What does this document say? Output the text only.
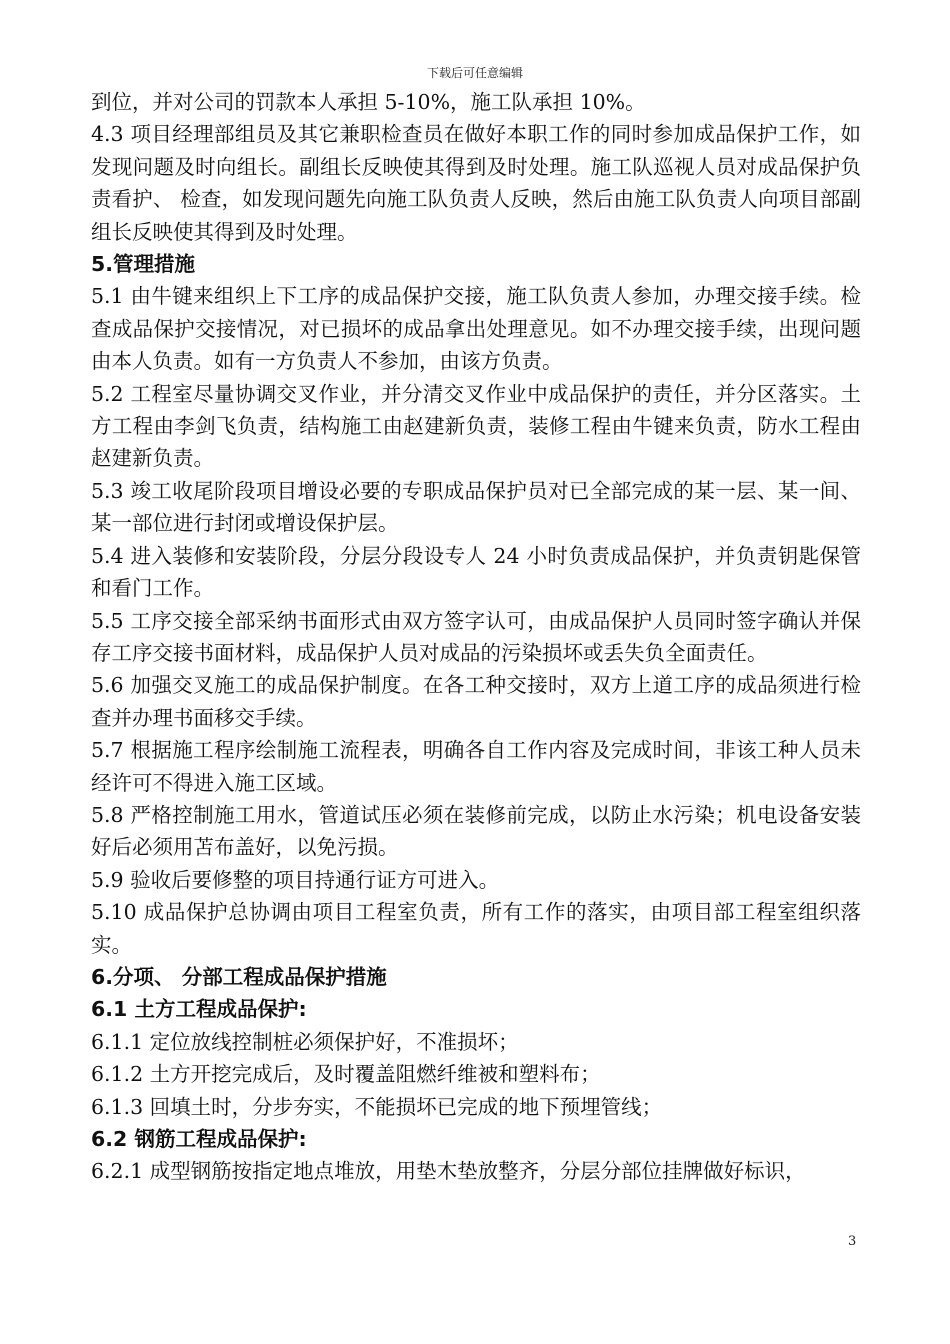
下载后可任意编辑

到位，并对公司的罚款本人承担 5-10%，施工队承担 10%。

4.3 项目经理部组员及其它兼职检查员在做好本职工作的同时参加成品保护工作，如发现问题及时向组长。副组长反映使其得到及时处理。施工队巡视人员对成品保护负责看护、 检查，如发现问题先向施工队负责人反映，然后由施工队负责人向项目部副组长反映使其得到及时处理。

5.管理措施

5.1 由牛键来组织上下工序的成品保护交接，施工队负责人参加，办理交接手续。检查成品保护交接情况，对已损坏的成品拿出处理意见。如不办理交接手续，出现问题由本人负责。如有一方负责人不参加，由该方负责。

5.2 工程室尽量协调交叉作业，并分清交叉作业中成品保护的责任，并分区落实。土方工程由李剑飞负责，结构施工由赵建新负责，装修工程由牛键来负责，防水工程由赵建新负责。

5.3 竣工收尾阶段项目增设必要的专职成品保护员对已全部完成的某一层、某一间、 某一部位进行封闭或增设保护层。

5.4 进入装修和安装阶段，分层分段设专人 24 小时负责成品保护，并负责钥匙保管和看门工作。

5.5 工序交接全部采纳书面形式由双方签字认可，由成品保护人员同时签字确认并保存工序交接书面材料，成品保护人员对成品的污染损坏或丢失负全面责任。

5.6 加强交叉施工的成品保护制度。在各工种交接时，双方上道工序的成品须进行检查并办理书面移交手续。

5.7 根据施工程序绘制施工流程表，明确各自工作内容及完成时间，非该工种人员未经许可不得进入施工区域。

5.8 严格控制施工用水，管道试压必须在装修前完成，以防止水污染；机电设备安装好后必须用苫布盖好，以免污损。

5.9 验收后要修整的项目持通行证方可进入。

5.10 成品保护总协调由项目工程室负责，所有工作的落实，由项目部工程室组织落实。

6.分项、 分部工程成品保护措施

6.1 土方工程成品保护:

6.1.1 定位放线控制桩必须保护好，不准损坏；

6.1.2 土方开挖完成后，及时覆盖阻燃纤维被和塑料布；

6.1.3 回填土时，分步夯实，不能损坏已完成的地下预埋管线；

6.2 钢筋工程成品保护:

6.2.1 成型钢筋按指定地点堆放，用垫木垫放整齐，分层分部位挂牌做好标识，

3
